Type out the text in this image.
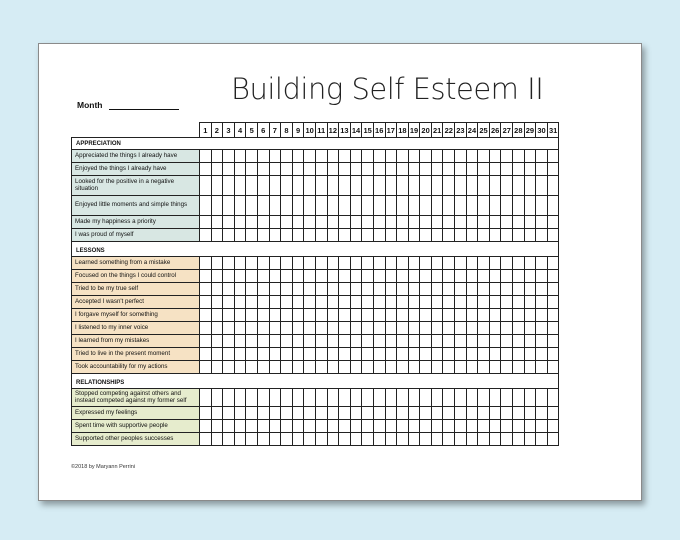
Building Self Esteem II
Month
	1	2	3	4	5	6	7	8	9	10	11	12	13	14	15	16	17	18	19	20	21	22	23	24	25	26	27	28	29	30	31
APPRECIATION																															
Appreciated the things I already have																															
Enjoyed the things I already have																															
Looked for the positive in a negative situation																															
Enjoyed little moments and simple things																															
Made my happiness a priority																															
I was proud of myself																															

LESSONS																															
Learned something from a mistake																															
Focused on the things I could control																															
Tried to be my true self																															
Accepted I wasn't perfect																															
I forgave myself for something																															
I listened to my inner voice																															
I learned from my mistakes																															
Tried to live in the present moment																															
Took accountability for my actions																															

RELATIONSHIPS																															
Stopped competing against others and instead competed against my former self																															
Expressed my feelings																															
Spent time with supportive people																															
Supported other peoples successes																															
©2018 by Maryann Perrini
